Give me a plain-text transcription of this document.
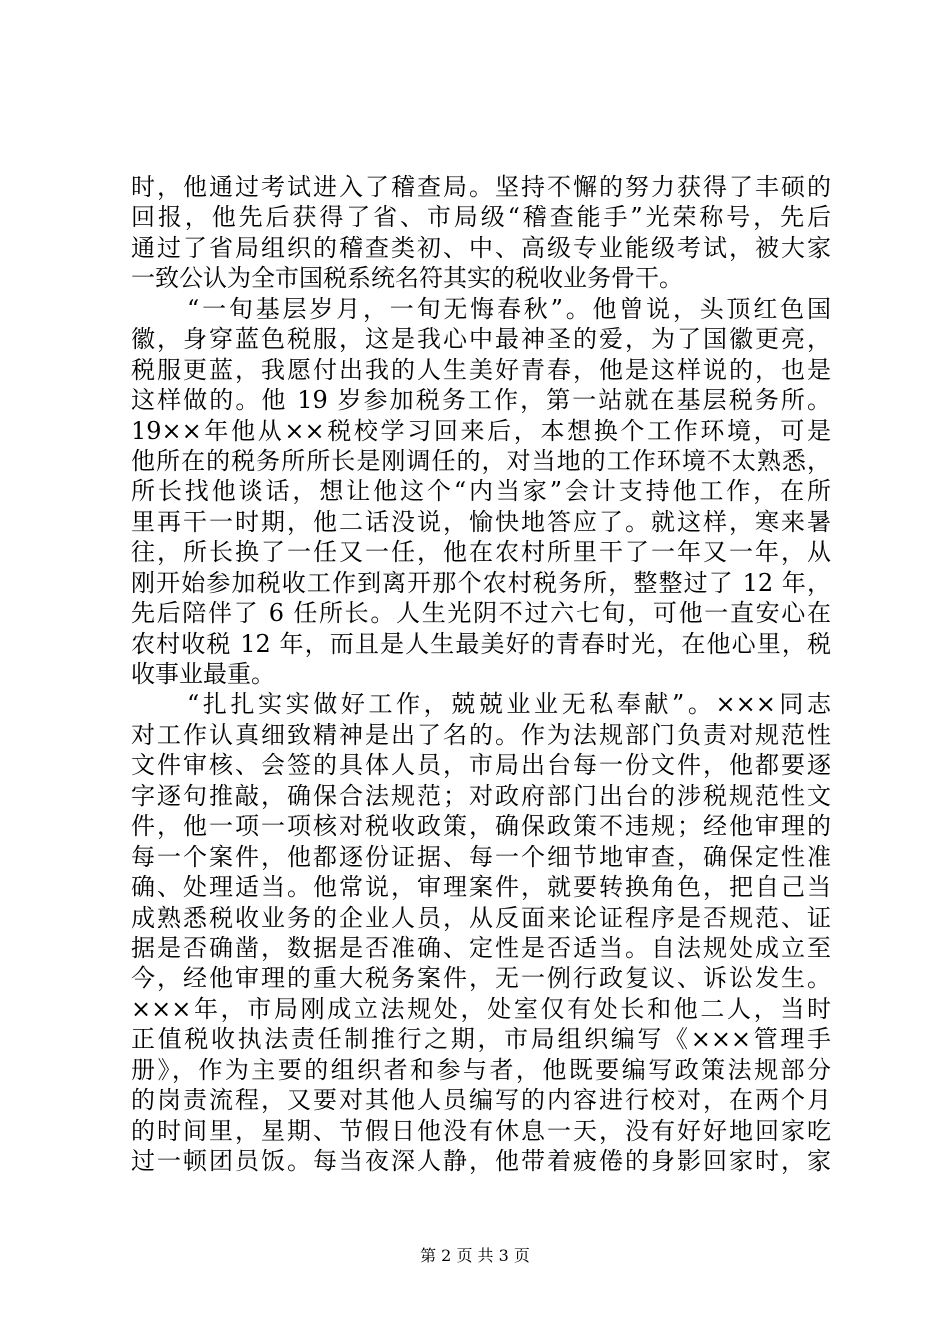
时，他通过考试进入了稽查局。坚持不懈的努力获得了丰硕的
回报，他先后获得了省、市局级“稽查能手”光荣称号，先后
通过了省局组织的稽查类初、中、高级专业能级考试，被大家
一致公认为全市国税系统名符其实的税收业务骨干。
“一旬基层岁月，一旬无悔春秋”。他曾说，头顶红色国
徽，身穿蓝色税服，这是我心中最神圣的爱，为了国徽更亮，
税服更蓝，我愿付出我的人生美好青春，他是这样说的，也是
这样做的。他 19 岁参加税务工作，第一站就在基层税务所。
19××年他从××税校学习回来后，本想换个工作环境，可是
他所在的税务所所长是刚调任的，对当地的工作环境不太熟悉，
所长找他谈话，想让他这个“内当家”会计支持他工作，在所
里再干一时期，他二话没说，愉快地答应了。就这样，寒来暑
往，所长换了一任又一任，他在农村所里干了一年又一年，从
刚开始参加税收工作到离开那个农村税务所，整整过了 12 年，
先后陪伴了 6 任所长。人生光阴不过六七旬，可他一直安心在
农村收税 12 年，而且是人生最美好的青春时光，在他心里，税
收事业最重。
“扎扎实实做好工作，兢兢业业无私奉献”。×××同志
对工作认真细致精神是出了名的。作为法规部门负责对规范性
文件审核、会签的具体人员，市局出台每一份文件，他都要逐
字逐句推敲，确保合法规范；对政府部门出台的涉税规范性文
件，他一项一项核对税收政策，确保政策不违规；经他审理的
每一个案件，他都逐份证据、每一个细节地审查，确保定性准
确、处理适当。他常说，审理案件，就要转换角色，把自己当
成熟悉税收业务的企业人员，从反面来论证程序是否规范、证
据是否确凿，数据是否准确、定性是否适当。自法规处成立至
今，经他审理的重大税务案件，无一例行政复议、诉讼发生。
×××年，市局刚成立法规处，处室仅有处长和他二人，当时
正值税收执法责任制推行之期，市局组织编写《×××管理手
册》，作为主要的组织者和参与者，他既要编写政策法规部分
的岗责流程，又要对其他人员编写的内容进行校对，在两个月
的时间里，星期、节假日他没有休息一天，没有好好地回家吃
过一顿团员饭。每当夜深人静，他带着疲倦的身影回家时，家
第 2 页 共 3 页
